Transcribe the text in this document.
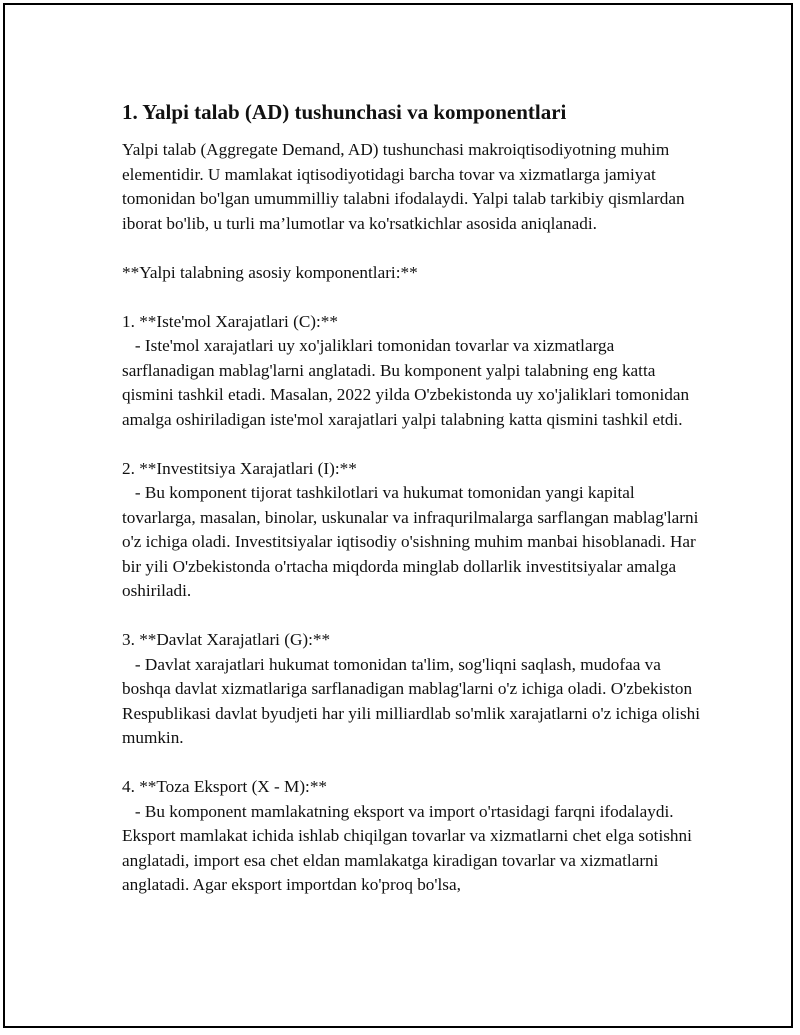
1. Yalpi talab (AD) tushunchasi va komponentlari

Yalpi talab (Aggregate Demand, AD) tushunchasi makroiqtisodiyotning muhim elementidir. U mamlakat iqtisodiyotidagi barcha tovar va xizmatlarga jamiyat tomonidan bo'lgan umummilliy talabni ifodalaydi. Yalpi talab tarkibiy qismlardan iborat bo'lib, u turli ma’lumotlar va ko'rsatkichlar asosida aniqlanadi.

**Yalpi talabning asosiy komponentlari:**

1. **Iste'mol Xarajatlari (C):**
- Iste'mol xarajatlari uy xo'jaliklari tomonidan tovarlar va xizmatlarga sarflanadigan mablag'larni anglatadi. Bu komponent yalpi talabning eng katta qismini tashkil etadi. Masalan, 2022 yilda O'zbekistonda uy xo'jaliklari tomonidan amalga oshiriladigan iste'mol xarajatlari yalpi talabning katta qismini tashkil etdi.
2. **Investitsiya Xarajatlari (I):**
- Bu komponent tijorat tashkilotlari va hukumat tomonidan yangi kapital tovarlarga, masalan, binolar, uskunalar va infraqurilmalarga sarflangan mablag'larni o'z ichiga oladi. Investitsiyalar iqtisodiy o'sishning muhim manbai hisoblanadi. Har bir yili O'zbekistonda o'rtacha miqdorda minglab dollarlik investitsiyalar amalga oshiriladi.
3. **Davlat Xarajatlari (G):**
- Davlat xarajatlari hukumat tomonidan ta'lim, sog'liqni saqlash, mudofaa va boshqa davlat xizmatlariga sarflanadigan mablag'larni o'z ichiga oladi. O'zbekiston Respublikasi davlat byudjeti har yili milliardlab so'mlik xarajatlarni o'z ichiga olishi mumkin.
4. **Toza Eksport (X - M):**
- Bu komponent mamlakatning eksport va import o'rtasidagi farqni ifodalaydi. Eksport mamlakat ichida ishlab chiqilgan tovarlar va xizmatlarni chet elga sotishni anglatadi, import esa chet eldan mamlakatga kiradigan tovarlar va xizmatlarni anglatadi. Agar eksport importdan ko'proq bo'lsa,
